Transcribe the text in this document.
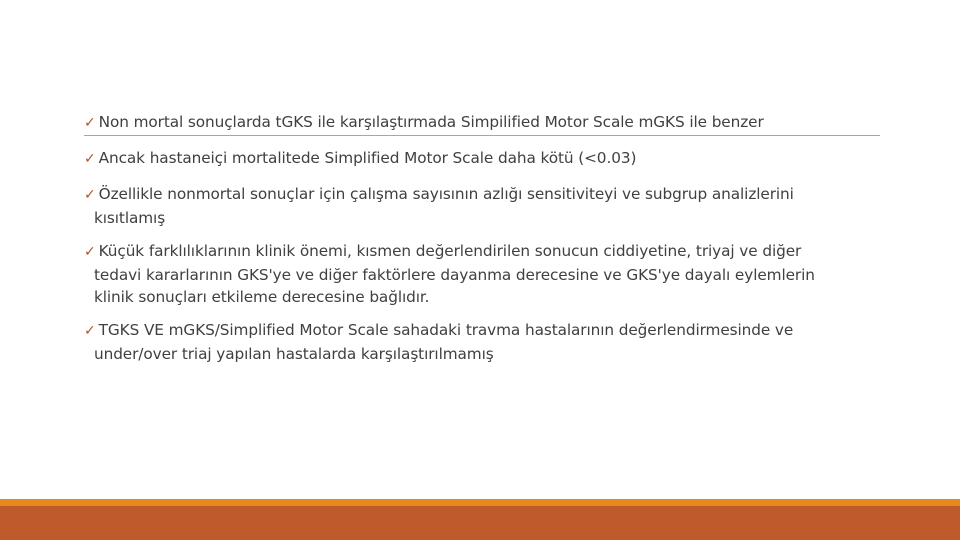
✓ Non mortal sonuçlarda tGKS ile karşılaştırmada Simpilified Motor Scale mGKS ile benzer
✓ Ancak hastaneiçi mortalitede Simplified Motor Scale daha kötü (<0.03)
✓ Özellikle nonmortal sonuçlar için çalışma sayısının azlığı sensitiviteyi ve subgrup analizlerini
kısıtlamış
✓ Küçük farklılıklarının klinik önemi, kısmen değerlendirilen sonucun ciddiyetine, triyaj ve diğer
tedavi kararlarının GKS'ye ve diğer faktörlere dayanma derecesine ve GKS'ye dayalı eylemlerin
klinik sonuçları etkileme derecesine bağlıdır.
✓ TGKS VE mGKS/Simplified Motor Scale sahadaki travma hastalarının değerlendirmesinde ve
under/over triaj yapılan hastalarda karşılaştırılmamış
